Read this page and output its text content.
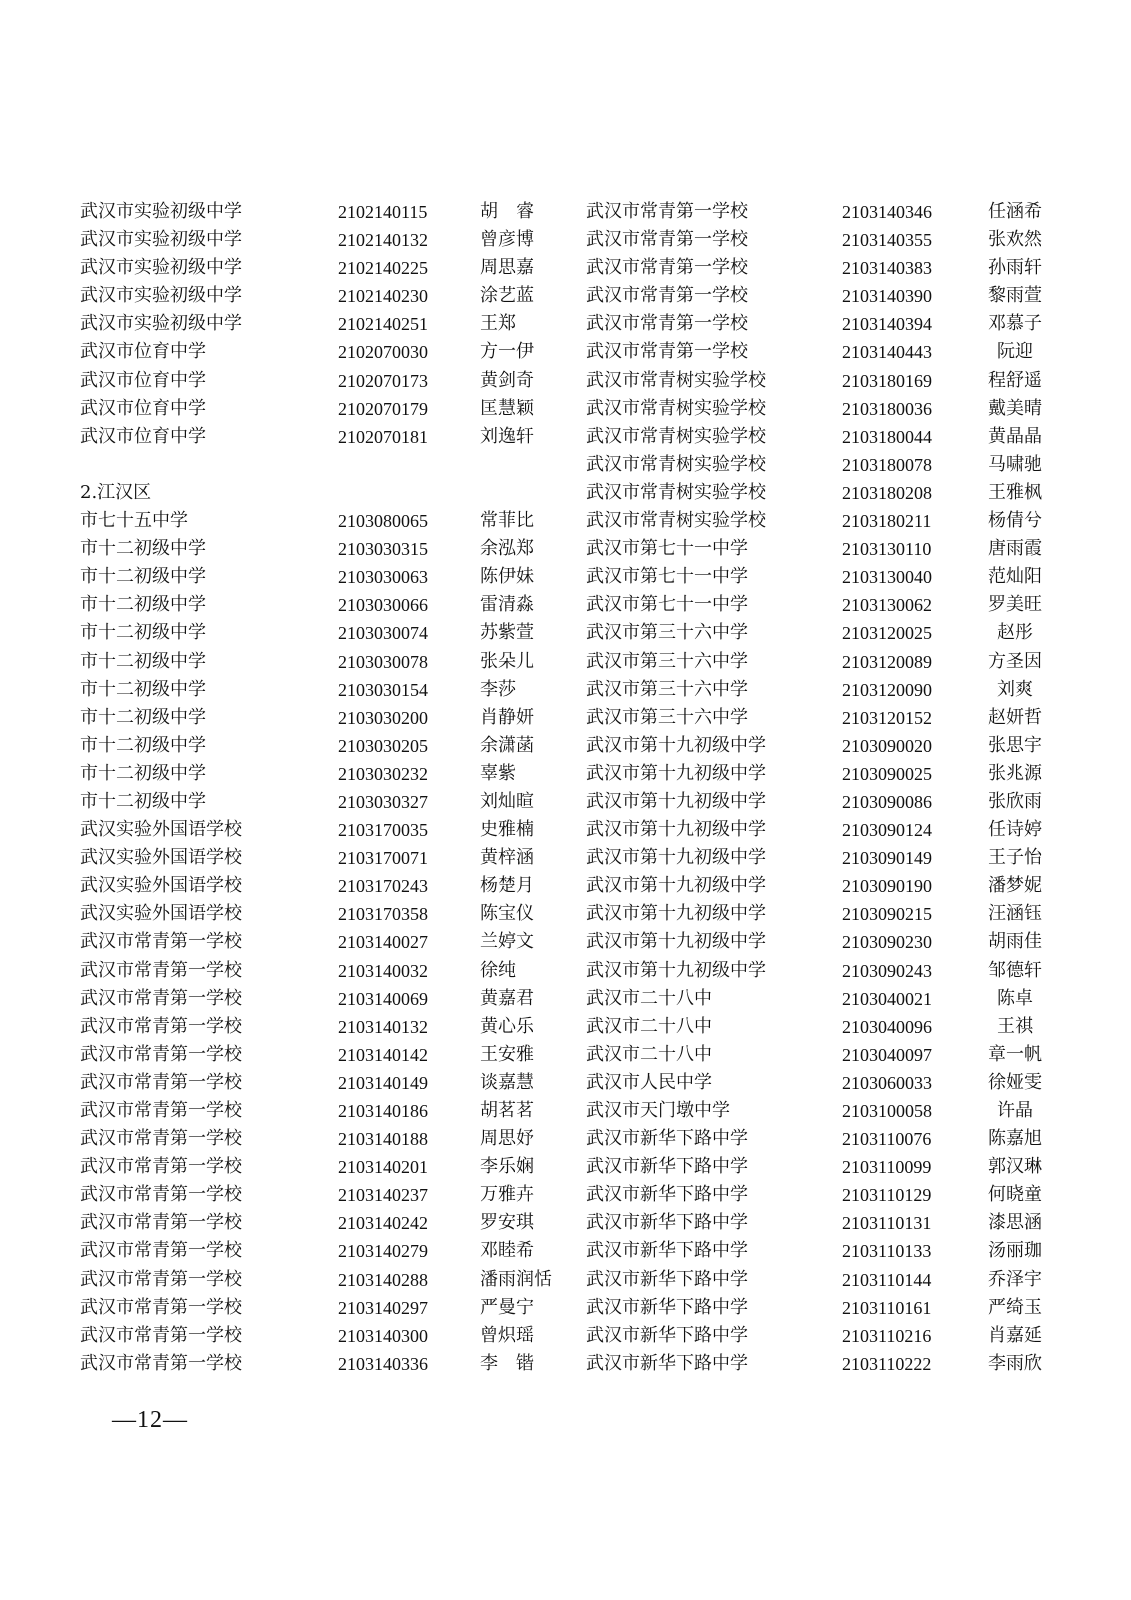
武汉市实验初级中学	2102140115	胡　睿
武汉市实验初级中学	2102140132	曾彦博
武汉市实验初级中学	2102140225	周思嘉
武汉市实验初级中学	2102140230	涂艺蓝
武汉市实验初级中学	2102140251	王郑
武汉市位育中学	2102070030	方一伊
武汉市位育中学	2102070173	黄剑奇
武汉市位育中学	2102070179	匡慧颖
武汉市位育中学	2102070181	刘逸轩
2.江汉区
市七十五中学	2103080065	常菲比
市十二初级中学	2103030315	余泓郑
市十二初级中学	2103030063	陈伊妹
市十二初级中学	2103030066	雷清淼
市十二初级中学	2103030074	苏紫萱
市十二初级中学	2103030078	张朵儿
市十二初级中学	2103030154	李莎
市十二初级中学	2103030200	肖静妍
市十二初级中学	2103030205	余潇菡
市十二初级中学	2103030232	辜紫
市十二初级中学	2103030327	刘灿暄
武汉实验外国语学校	2103170035	史雅楠
武汉实验外国语学校	2103170071	黄梓涵
武汉实验外国语学校	2103170243	杨楚月
武汉实验外国语学校	2103170358	陈宝仪
武汉市常青第一学校	2103140027	兰婷文
武汉市常青第一学校	2103140032	徐纯
武汉市常青第一学校	2103140069	黄嘉君
武汉市常青第一学校	2103140132	黄心乐
武汉市常青第一学校	2103140142	王安雅
武汉市常青第一学校	2103140149	谈嘉慧
武汉市常青第一学校	2103140186	胡茗茗
武汉市常青第一学校	2103140188	周思妤
武汉市常青第一学校	2103140201	李乐娴
武汉市常青第一学校	2103140237	万雅卉
武汉市常青第一学校	2103140242	罗安琪
武汉市常青第一学校	2103140279	邓睦希
武汉市常青第一学校	2103140288	潘雨润恬
武汉市常青第一学校	2103140297	严曼宁
武汉市常青第一学校	2103140300	曾炽瑶
武汉市常青第一学校	2103140336	李　锴
武汉市常青第一学校	2103140346	任涵希
武汉市常青第一学校	2103140355	张欢然
武汉市常青第一学校	2103140383	孙雨轩
武汉市常青第一学校	2103140390	黎雨萱
武汉市常青第一学校	2103140394	邓慕子
武汉市常青第一学校	2103140443	阮迎
武汉市常青树实验学校	2103180169	程舒遥
武汉市常青树实验学校	2103180036	戴美晴
武汉市常青树实验学校	2103180044	黄晶晶
武汉市常青树实验学校	2103180078	马啸驰
武汉市常青树实验学校	2103180208	王雅枫
武汉市常青树实验学校	2103180211	杨倩兮
武汉市第七十一中学	2103130110	唐雨霞
武汉市第七十一中学	2103130040	范灿阳
武汉市第七十一中学	2103130062	罗美旺
武汉市第三十六中学	2103120025	赵彤
武汉市第三十六中学	2103120089	方圣因
武汉市第三十六中学	2103120090	刘爽
武汉市第三十六中学	2103120152	赵妍哲
武汉市第十九初级中学	2103090020	张思宇
武汉市第十九初级中学	2103090025	张兆源
武汉市第十九初级中学	2103090086	张欣雨
武汉市第十九初级中学	2103090124	任诗婷
武汉市第十九初级中学	2103090149	王子怡
武汉市第十九初级中学	2103090190	潘梦妮
武汉市第十九初级中学	2103090215	汪涵钰
武汉市第十九初级中学	2103090230	胡雨佳
武汉市第十九初级中学	2103090243	邹德轩
武汉市二十八中	2103040021	陈卓
武汉市二十八中	2103040096	王祺
武汉市二十八中	2103040097	章一帆
武汉市人民中学	2103060033	徐娅雯
武汉市天门墩中学	2103100058	许晶
武汉市新华下路中学	2103110076	陈嘉旭
武汉市新华下路中学	2103110099	郭汉琳
武汉市新华下路中学	2103110129	何晓童
武汉市新华下路中学	2103110131	漆思涵
武汉市新华下路中学	2103110133	汤丽珈
武汉市新华下路中学	2103110144	乔泽宇
武汉市新华下路中学	2103110161	严绮玉
武汉市新华下路中学	2103110216	肖嘉延
武汉市新华下路中学	2103110222	李雨欣
—12—
